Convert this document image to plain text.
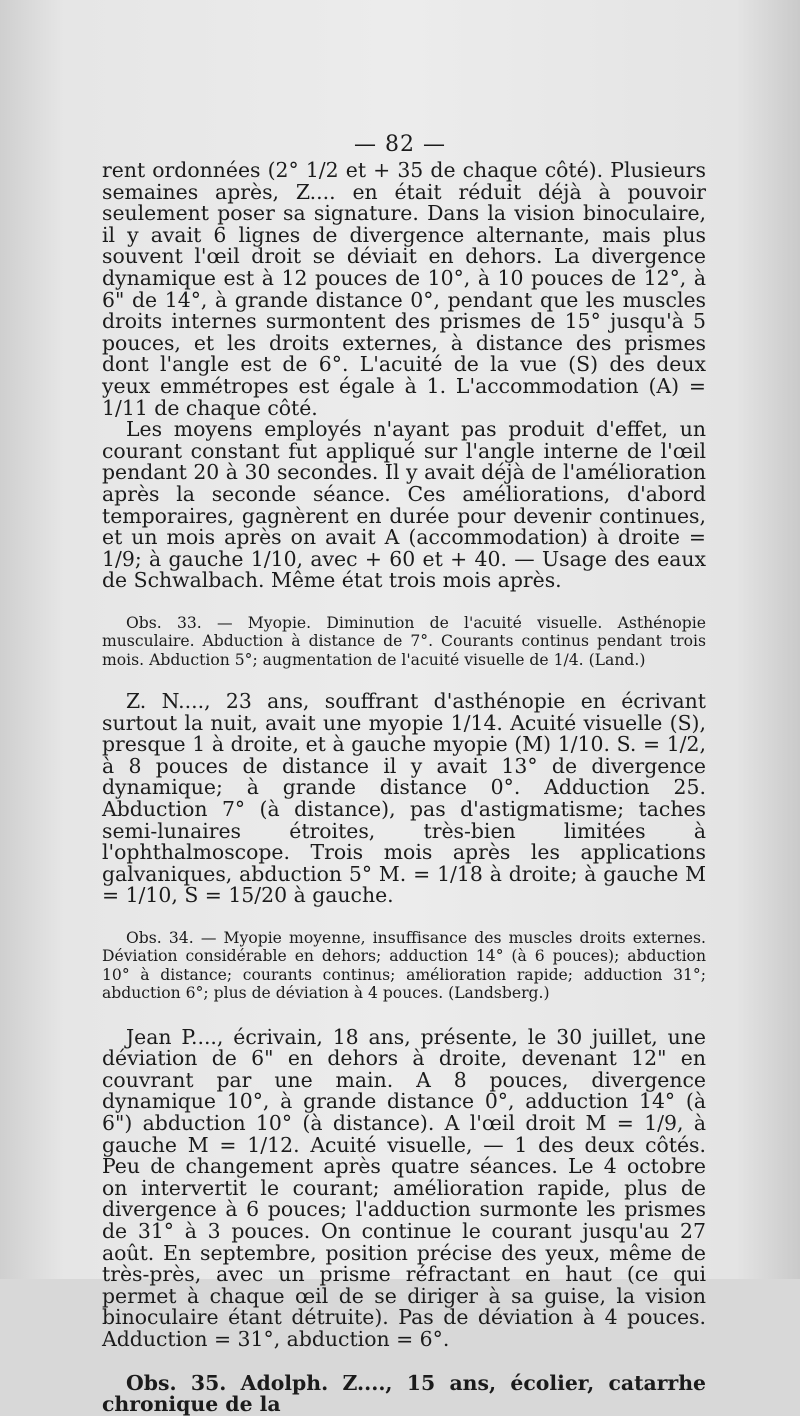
— 82 —

rent ordonnées (2° 1/2 et + 35 de chaque côté). Plusieurs semaines après, Z.... en était réduit déjà à pouvoir seulement poser sa signature. Dans la vision binoculaire, il y avait 6 lignes de divergence alternante, mais plus souvent l'œil droit se déviait en dehors. La divergence dynamique est à 12 pouces de 10°, à 10 pouces de 12°, à 6" de 14°, à grande distance 0°, pendant que les muscles droits internes surmontent des prismes de 15° jusqu'à 5 pouces, et les droits externes, à distance des prismes dont l'angle est de 6°. L'acuité de la vue (S) des deux yeux emmétropes est égale à 1. L'accommodation (A) = 1/11 de chaque côté.

Les moyens employés n'ayant pas produit d'effet, un courant constant fut appliqué sur l'angle interne de l'œil pendant 20 à 30 secondes. Il y avait déjà de l'amélioration après la seconde séance. Ces améliorations, d'abord temporaires, gagnèrent en durée pour devenir continues, et un mois après on avait A (accommodation) à droite = 1/9; à gauche 1/10, avec + 60 et + 40. — Usage des eaux de Schwalbach. Même état trois mois après.

Obs. 33. — Myopie. Diminution de l'acuité visuelle. Asthénopie musculaire. Abduction à distance de 7°. Courants continus pendant trois mois. Abduction 5°; augmentation de l'acuité visuelle de 1/4. (Land.)

Z. N...., 23 ans, souffrant d'asthénopie en écrivant surtout la nuit, avait une myopie 1/14. Acuité visuelle (S), presque 1 à droite, et à gauche myopie (M) 1/10. S. = 1/2, à 8 pouces de distance il y avait 13° de divergence dynamique; à grande distance 0°. Adduction 25. Abduction 7° (à distance), pas d'astigmatisme; taches semi-lunaires étroites, très-bien limitées à l'ophthalmoscope. Trois mois après les applications galvaniques, abduction 5° M. = 1/18 à droite; à gauche M = 1/10, S = 15/20 à gauche.

Obs. 34. — Myopie moyenne, insuffisance des muscles droits externes. Déviation considérable en dehors; adduction 14° (à 6 pouces); abduction 10° à distance; courants continus; amélioration rapide; adduction 31°; abduction 6°; plus de déviation à 4 pouces. (Landsberg.)

Jean P...., écrivain, 18 ans, présente, le 30 juillet, une déviation de 6" en dehors à droite, devenant 12" en couvrant par une main. A 8 pouces, divergence dynamique 10°, à grande distance 0°, adduction 14° (à 6") abduction 10° (à distance). A l'œil droit M = 1/9, à gauche M = 1/12. Acuité visuelle, — 1 des deux côtés. Peu de changement après quatre séances. Le 4 octobre on intervertit le courant; amélioration rapide, plus de divergence à 6 pouces; l'adduction surmonte les prismes de 31° à 3 pouces. On continue le courant jusqu'au 27 août. En septembre, position précise des yeux, même de très-près, avec un prisme réfractant en haut (ce qui permet à chaque œil de se diriger à sa guise, la vision binoculaire étant détruite). Pas de déviation à 4 pouces. Adduction = 31°, abduction = 6°.

Obs. 35. Adolph. Z...., 15 ans, écolier, catarrhe chronique de la
